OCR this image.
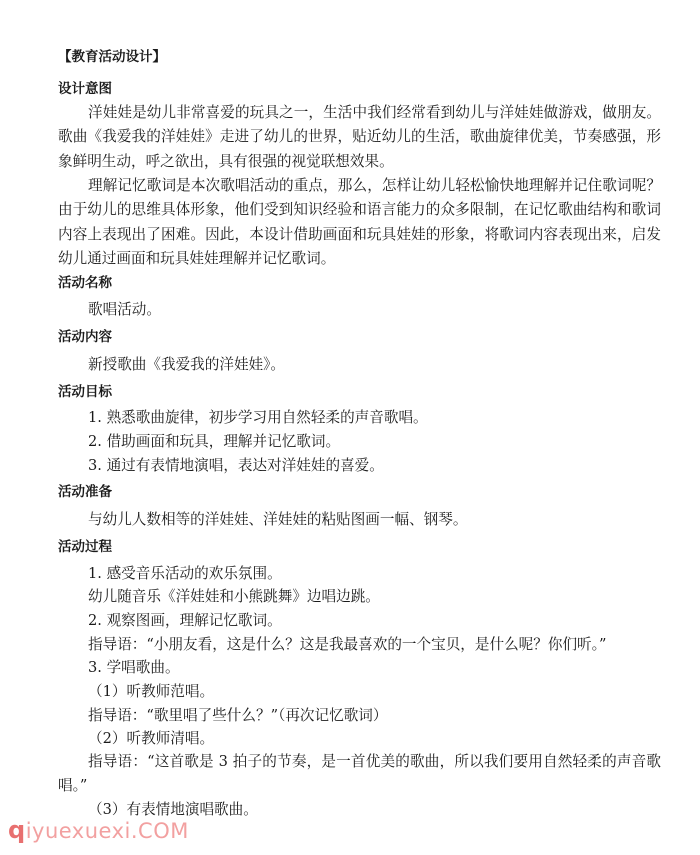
【教育活动设计】

设计意图

洋娃娃是幼儿非常喜爱的玩具之一，生活中我们经常看到幼儿与洋娃娃做游戏，做朋友。歌曲《我爱我的洋娃娃》走进了幼儿的世界，贴近幼儿的生活，歌曲旋律优美，节奏感强，形象鲜明生动，呼之欲出，具有很强的视觉联想效果。

理解记忆歌词是本次歌唱活动的重点，那么，怎样让幼儿轻松愉快地理解并记住歌词呢？由于幼儿的思维具体形象，他们受到知识经验和语言能力的众多限制，在记忆歌曲结构和歌词内容上表现出了困难。因此，本设计借助画面和玩具娃娃的形象，将歌词内容表现出来，启发幼儿通过画面和玩具娃娃理解并记忆歌词。

活动名称

歌唱活动。

活动内容

新授歌曲《我爱我的洋娃娃》。

活动目标

1. 熟悉歌曲旋律，初步学习用自然轻柔的声音歌唱。

2. 借助画面和玩具，理解并记忆歌词。

3. 通过有表情地演唱，表达对洋娃娃的喜爱。

活动准备

与幼儿人数相等的洋娃娃、洋娃娃的粘贴图画一幅、钢琴。

活动过程

1. 感受音乐活动的欢乐氛围。

幼儿随音乐《洋娃娃和小熊跳舞》边唱边跳。

2. 观察图画，理解记忆歌词。

指导语：“小朋友看，这是什么？这是我最喜欢的一个宝贝，是什么呢？你们听。”

3. 学唱歌曲。

（1）听教师范唱。

指导语：“歌里唱了些什么？”（再次记忆歌词）

（2）听教师清唱。

指导语：“这首歌是 3 拍子的节奏，是一首优美的歌曲，所以我们要用自然轻柔的声音歌唱。”

（3）有表情地演唱歌曲。

qiyuexuexi.COM
